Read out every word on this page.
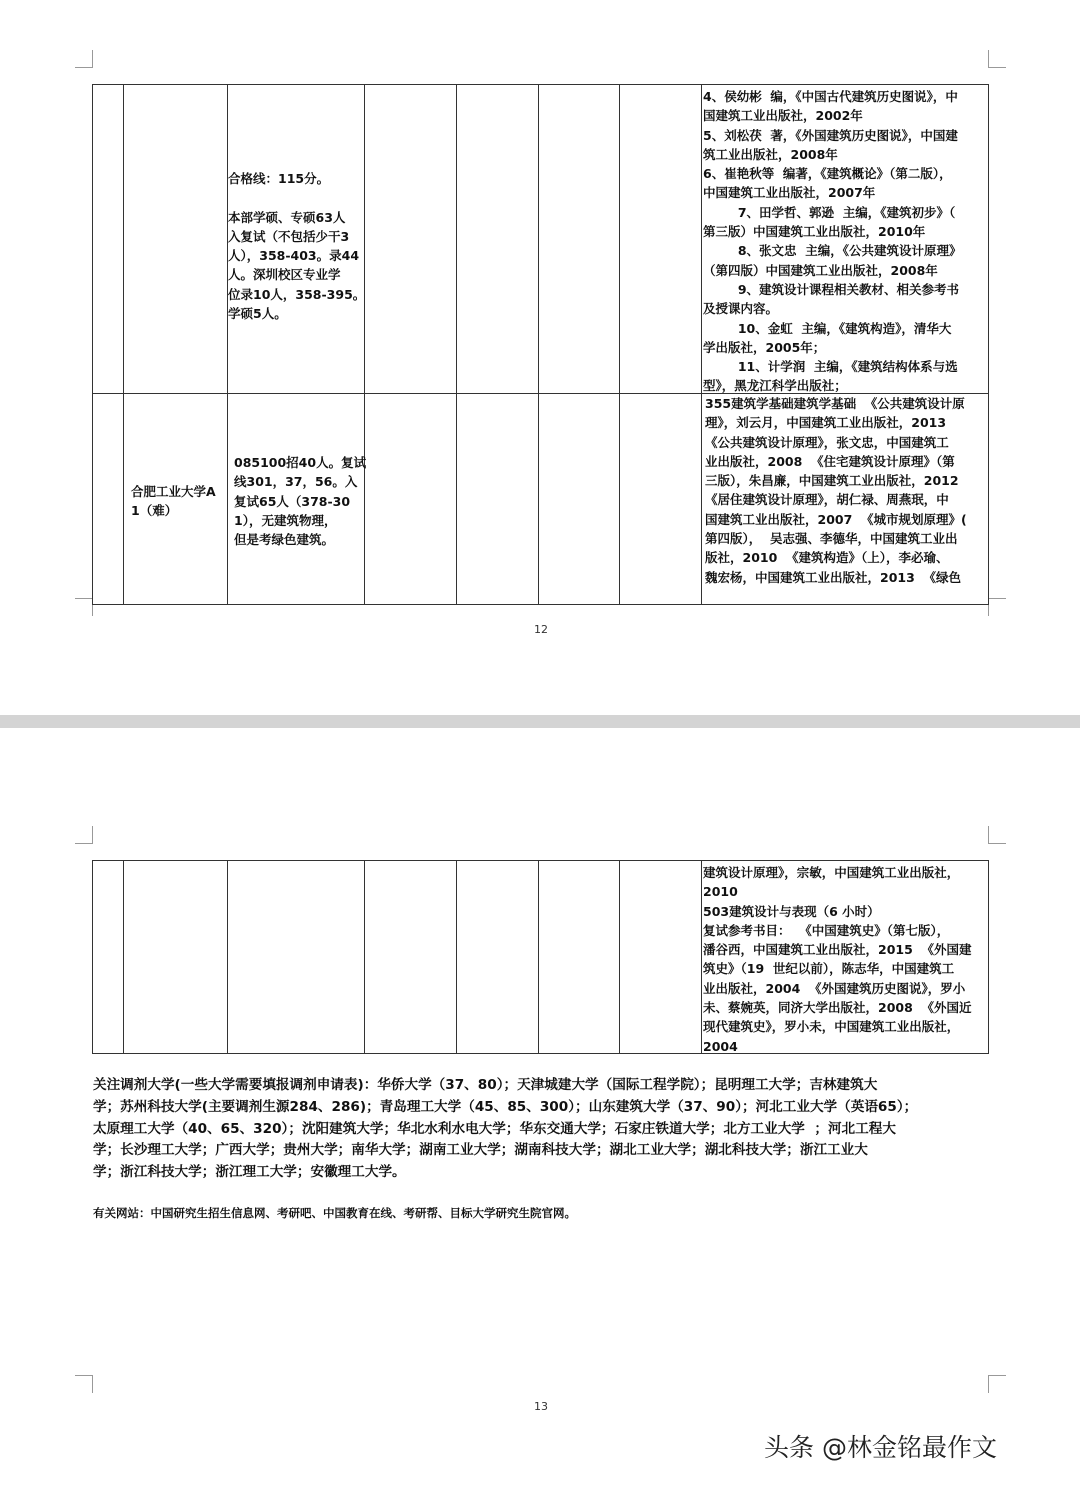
合格线：115分。

本部学硕、专硕63人
入复试（不包括少干3
人），358-403。录44
人。深圳校区专业学
位录10人，358-395。
学硕5人。
4、侯幼彬  编，《中国古代建筑历史图说》，中
国建筑工业出版社，2002年
5、刘松茯  著，《外国建筑历史图说》，中国建
筑工业出版社，2008年
6、崔艳秋等  编著，《建筑概论》（第二版），
中国建筑工业出版社，2007年
7、田学哲、郭逊  主编，《建筑初步》（
第三版）中国建筑工业出版社，2010年
8、张文忠  主编，《公共建筑设计原理》
（第四版）中国建筑工业出版社，2008年
9、建筑设计课程相关教材、相关参考书
及授课内容。
10、金虹  主编，《建筑构造》，清华大
学出版社，2005年；
11、计学润  主编，《建筑结构体系与选
型》，黑龙江科学出版社；
合肥工业大学A
1（难）
085100招40人。复试
线301，37，56。入
复试65人（378-30
1），无建筑物理，
但是考绿色建筑。
355建筑学基础建筑学基础  《公共建筑设计原
理》，刘云月，中国建筑工业出版社，2013
《公共建筑设计原理》，张文忠，中国建筑工
业出版社，2008  《住宅建筑设计原理》（第
三版），朱昌廉，中国建筑工业出版社，2012
《居住建筑设计原理》，胡仁禄、周燕珉，中
国建筑工业出版社，2007  《城市规划原理》(
第四版），  吴志强、李德华，中国建筑工业出
版社，2010  《建筑构造》（上），李必瑜、
魏宏杨，中国建筑工业出版社，2013  《绿色
12
建筑设计原理》，宗敏，中国建筑工业出版社，
2010
503建筑设计与表现（6 小时）
复试参考书目：  《中国建筑史》（第七版），
潘谷西，中国建筑工业出版社，2015  《外国建
筑史》（19  世纪以前），陈志华，中国建筑工
业出版社，2004  《外国建筑历史图说》，罗小
未、蔡婉英，同济大学出版社，2008  《外国近
现代建筑史》，罗小未，中国建筑工业出版社，
2004
关注调剂大学(一些大学需要填报调剂申请表)：华侨大学（37、80）；天津城建大学（国际工程学院）；昆明理工大学；吉林建筑大
学；苏州科技大学(主要调剂生源284、286)；青岛理工大学（45、85、300）；山东建筑大学（37、90）；河北工业大学（英语65）；
太原理工大学（40、65、320）；沈阳建筑大学；华北水利水电大学；华东交通大学；石家庄铁道大学；北方工业大学  ；河北工程大
学；长沙理工大学；广西大学；贵州大学；南华大学；湖南工业大学；湖南科技大学；湖北工业大学；湖北科技大学；浙江工业大
学；浙江科技大学；浙江理工大学；安徽理工大学。
有关网站：中国研究生招生信息网、考研吧、中国教育在线、考研帮、目标大学研究生院官网。
13
头条 @林金铭最作文
